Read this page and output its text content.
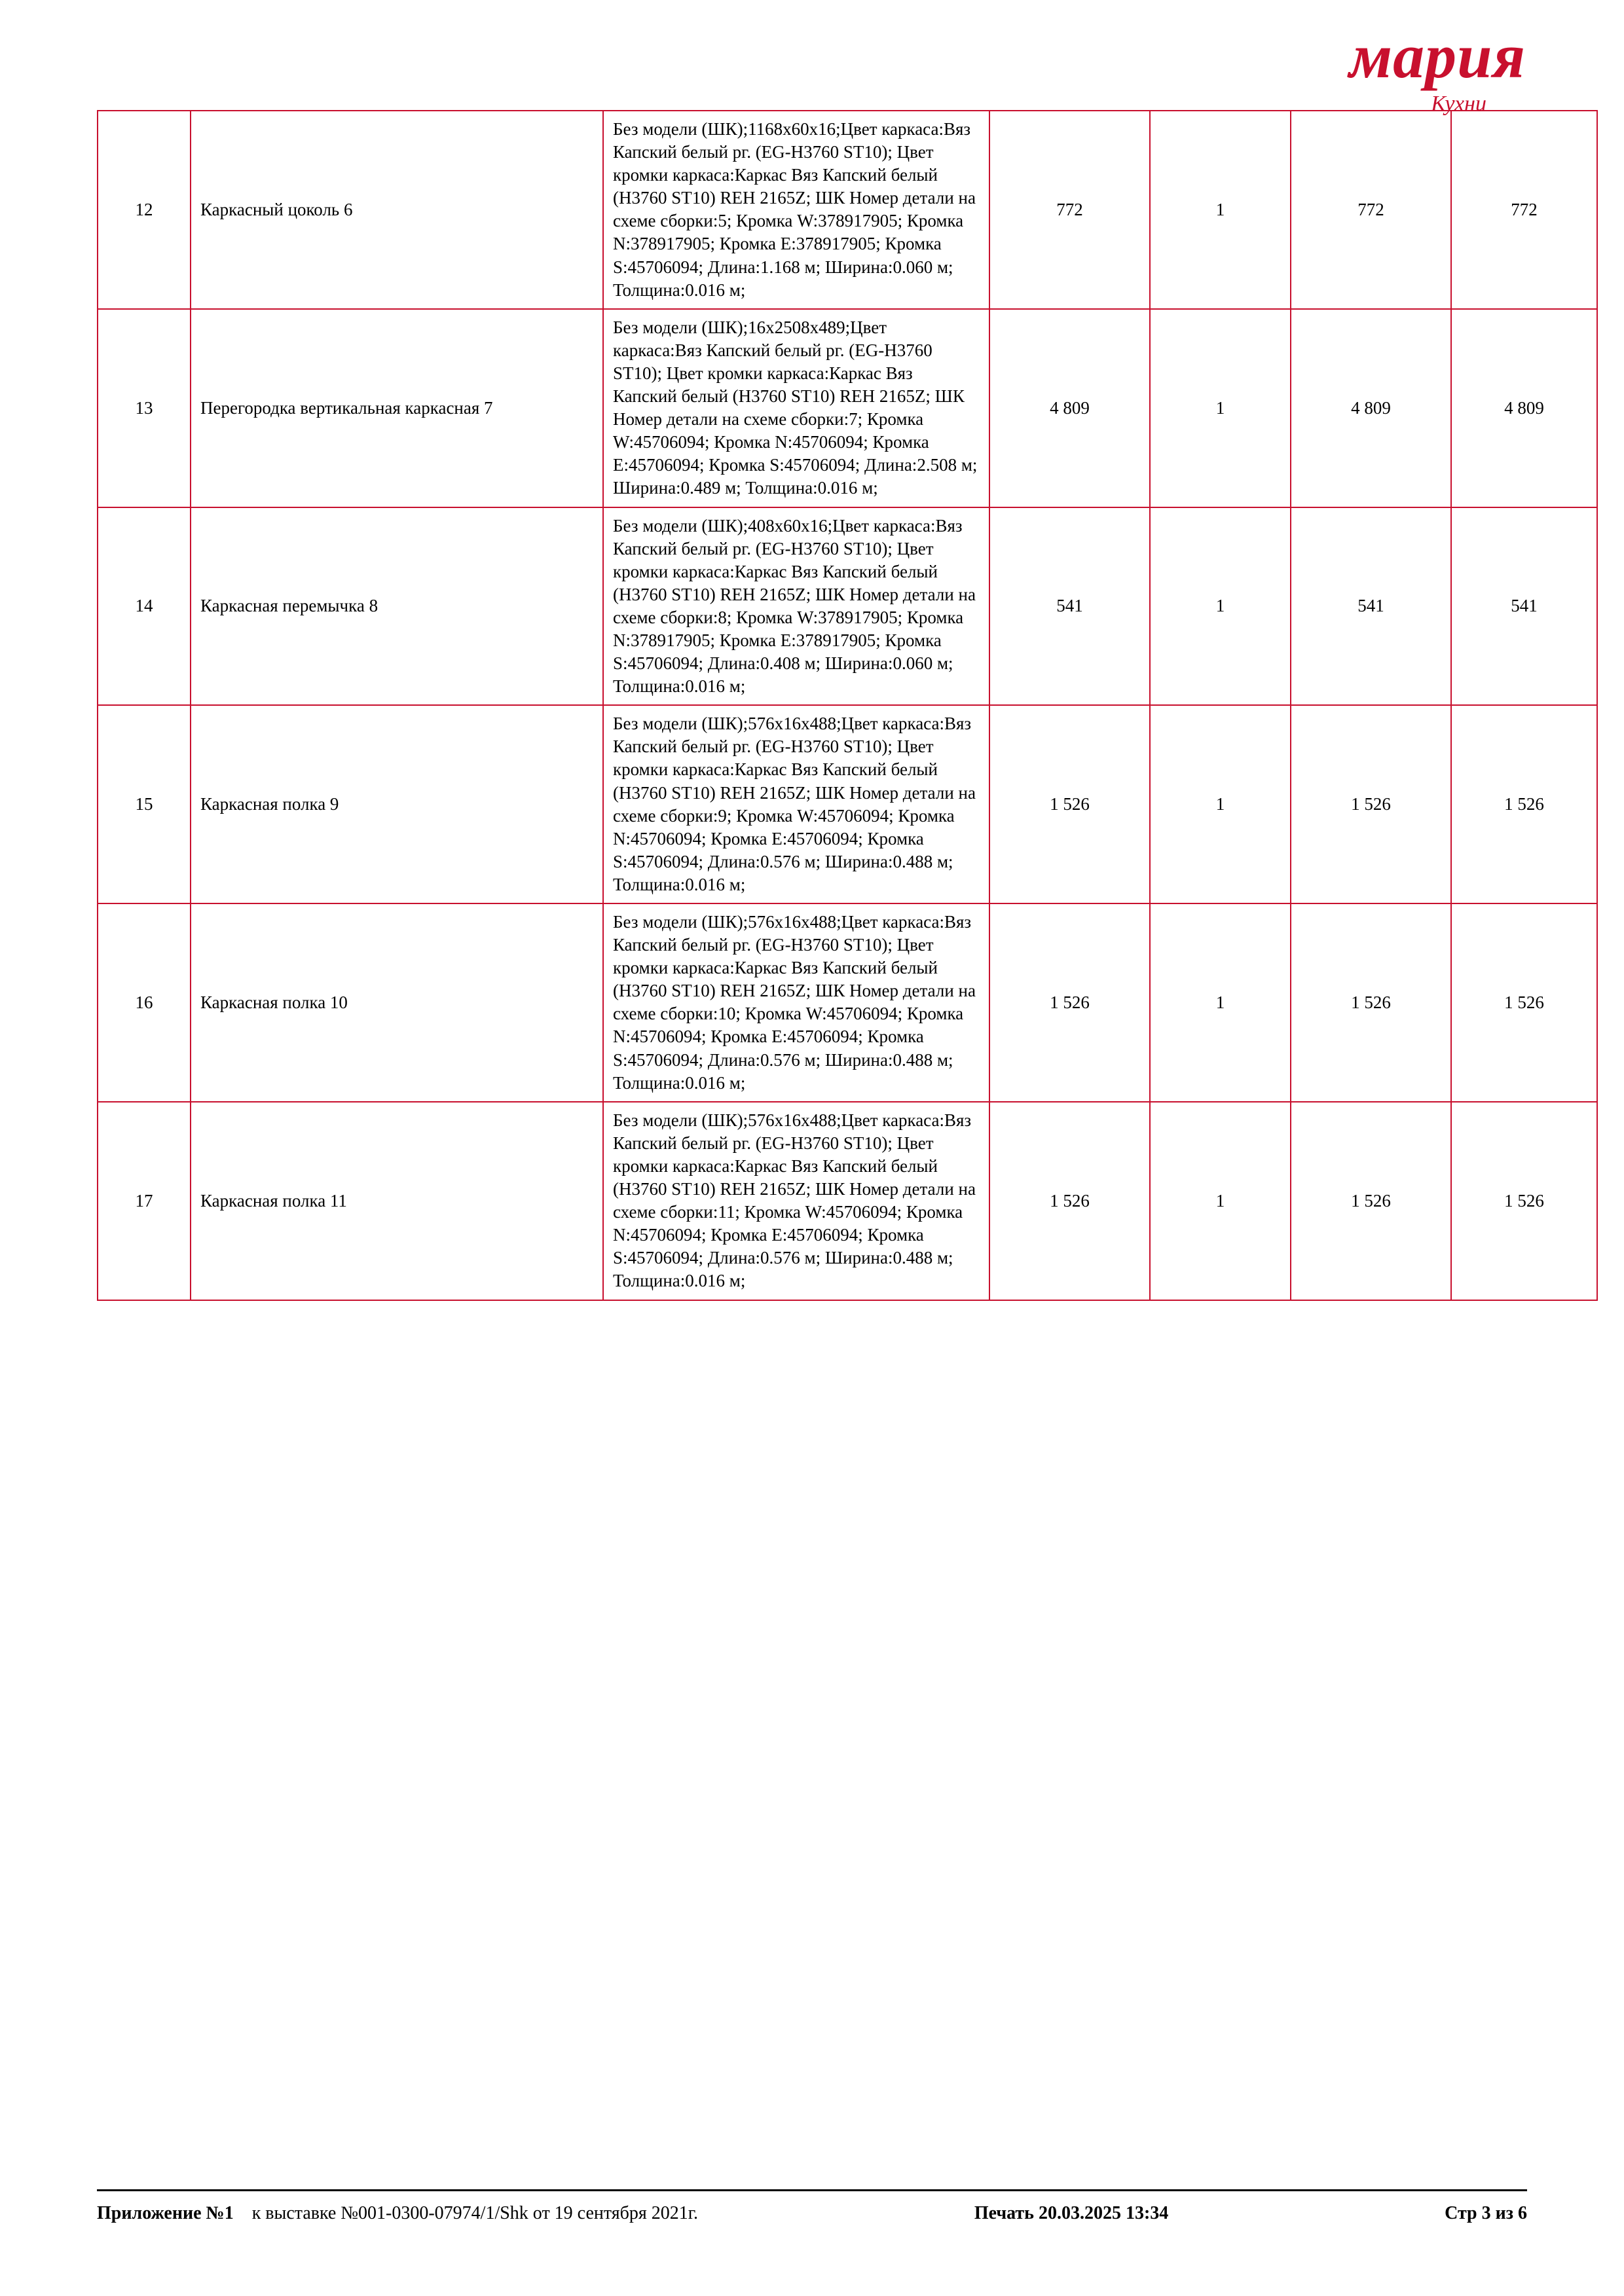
мария
Кухни
12	Каркасный цоколь 6	Без модели (ШК);1168х60х16;Цвет каркаса:Вяз Капский белый рг. (EG-H3760 ST10); Цвет кромки каркаса:Каркас Вяз Капский белый (H3760 ST10) REH 2165Z; ШК Номер детали на схеме сборки:5; Кромка W:378917905; Кромка N:378917905; Кромка E:378917905; Кромка S:45706094; Длина:1.168 м; Ширина:0.060 м; Толщина:0.016 м;	772	1	772	772
13	Перегородка вертикальная каркасная 7	Без модели (ШК);16х2508х489;Цвет каркаса:Вяз Капский белый рг. (EG-H3760 ST10); Цвет кромки каркаса:Каркас Вяз Капский белый (H3760 ST10) REH 2165Z; ШК Номер детали на схеме сборки:7; Кромка W:45706094; Кромка N:45706094; Кромка E:45706094; Кромка S:45706094; Длина:2.508 м; Ширина:0.489 м; Толщина:0.016 м;	4 809	1	4 809	4 809
14	Каркасная перемычка 8	Без модели (ШК);408х60х16;Цвет каркаса:Вяз Капский белый рг. (EG-H3760 ST10); Цвет кромки каркаса:Каркас Вяз Капский белый (H3760 ST10) REH 2165Z; ШК Номер детали на схеме сборки:8; Кромка W:378917905; Кромка N:378917905; Кромка E:378917905; Кромка S:45706094; Длина:0.408 м; Ширина:0.060 м; Толщина:0.016 м;	541	1	541	541
15	Каркасная полка 9	Без модели (ШК);576х16х488;Цвет каркаса:Вяз Капский белый рг. (EG-H3760 ST10); Цвет кромки каркаса:Каркас Вяз Капский белый (H3760 ST10) REH 2165Z; ШК Номер детали на схеме сборки:9; Кромка W:45706094; Кромка N:45706094; Кромка E:45706094; Кромка S:45706094; Длина:0.576 м; Ширина:0.488 м; Толщина:0.016 м;	1 526	1	1 526	1 526
16	Каркасная полка 10	Без модели (ШК);576х16х488;Цвет каркаса:Вяз Капский белый рг. (EG-H3760 ST10); Цвет кромки каркаса:Каркас Вяз Капский белый (H3760 ST10) REH 2165Z; ШК Номер детали на схеме сборки:10; Кромка W:45706094; Кромка N:45706094; Кромка E:45706094; Кромка S:45706094; Длина:0.576 м; Ширина:0.488 м; Толщина:0.016 м;	1 526	1	1 526	1 526
17	Каркасная полка 11	Без модели (ШК);576х16х488;Цвет каркаса:Вяз Капский белый рг. (EG-H3760 ST10); Цвет кромки каркаса:Каркас Вяз Капский белый (H3760 ST10) REH 2165Z; ШК Номер детали на схеме сборки:11; Кромка W:45706094; Кромка N:45706094; Кромка E:45706094; Кромка S:45706094; Длина:0.576 м; Ширина:0.488 м; Толщина:0.016 м;	1 526	1	1 526	1 526
Приложение №1 к выставке №001-0300-07974/1/Shk от 19 сентября 2021г.	Печать 20.03.2025 13:34	Стр 3 из 6
